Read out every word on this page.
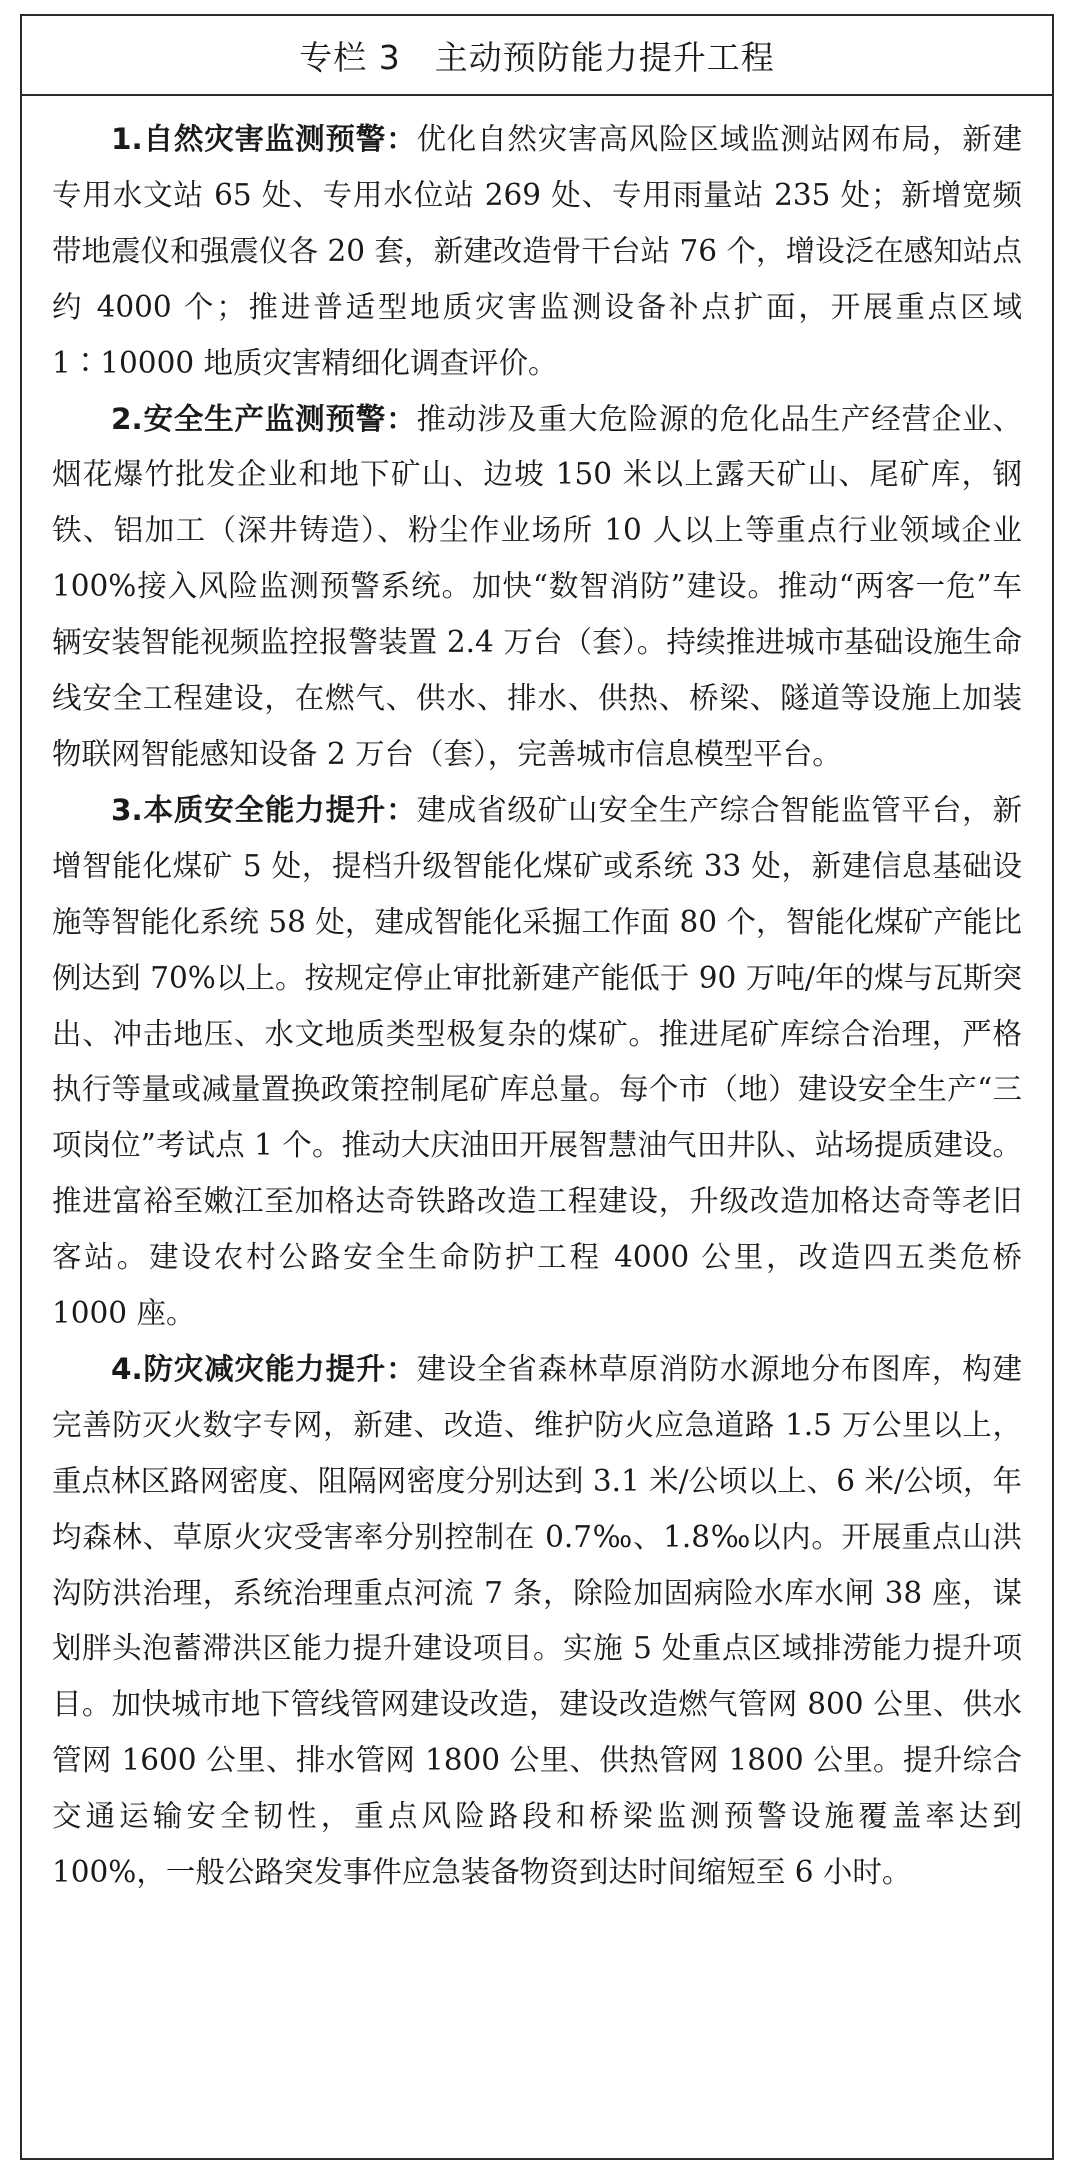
专栏 3　主动预防能力提升工程

1.自然灾害监测预警：优化自然灾害高风险区域监测站网布局，新建专用水文站 65 处、专用水位站 269 处、专用雨量站 235 处；新增宽频带地震仪和强震仪各 20 套，新建改造骨干台站 76 个，增设泛在感知站点约 4000 个；推进普适型地质灾害监测设备补点扩面，开展重点区域 1∶10000 地质灾害精细化调查评价。

2.安全生产监测预警：推动涉及重大危险源的危化品生产经营企业、烟花爆竹批发企业和地下矿山、边坡 150 米以上露天矿山、尾矿库，钢铁、铝加工（深井铸造）、粉尘作业场所 10 人以上等重点行业领域企业 100%接入风险监测预警系统。加快“数智消防”建设。推动“两客一危”车辆安装智能视频监控报警装置 2.4 万台（套）。持续推进城市基础设施生命线安全工程建设，在燃气、供水、排水、供热、桥梁、隧道等设施上加装物联网智能感知设备 2 万台（套），完善城市信息模型平台。

3.本质安全能力提升：建成省级矿山安全生产综合智能监管平台，新增智能化煤矿 5 处，提档升级智能化煤矿或系统 33 处，新建信息基础设施等智能化系统 58 处，建成智能化采掘工作面 80 个，智能化煤矿产能比例达到 70%以上。按规定停止审批新建产能低于 90 万吨/年的煤与瓦斯突出、冲击地压、水文地质类型极复杂的煤矿。推进尾矿库综合治理，严格执行等量或减量置换政策控制尾矿库总量。每个市（地）建设安全生产“三项岗位”考试点 1 个。推动大庆油田开展智慧油气田井队、站场提质建设。推进富裕至嫩江至加格达奇铁路改造工程建设，升级改造加格达奇等老旧客站。建设农村公路安全生命防护工程 4000 公里，改造四五类危桥 1000 座。

4.防灾减灾能力提升：建设全省森林草原消防水源地分布图库，构建完善防灭火数字专网，新建、改造、维护防火应急道路 1.5 万公里以上，重点林区路网密度、阻隔网密度分别达到 3.1 米/公顷以上、6 米/公顷，年均森林、草原火灾受害率分别控制在 0.7‰、1.8‰以内。开展重点山洪沟防洪治理，系统治理重点河流 7 条，除险加固病险水库水闸 38 座，谋划胖头泡蓄滞洪区能力提升建设项目。实施 5 处重点区域排涝能力提升项目。加快城市地下管线管网建设改造，建设改造燃气管网 800 公里、供水管网 1600 公里、排水管网 1800 公里、供热管网 1800 公里。提升综合交通运输安全韧性，重点风险路段和桥梁监测预警设施覆盖率达到 100%，一般公路突发事件应急装备物资到达时间缩短至 6 小时。
